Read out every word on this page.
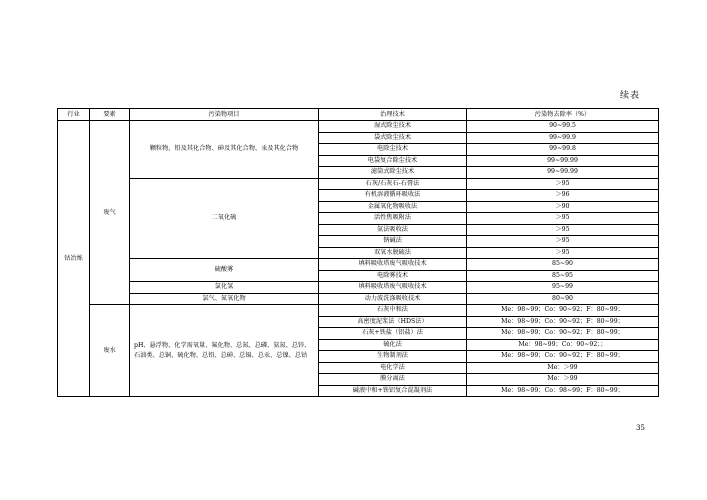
续表
行业	要素	污染物项目	治理技术	污染物去除率（%）
钴冶炼	废气	颗粒物、铅及其化合物、砷及其化合物、汞及其化合物	湿式除尘技术	90~99.5
			袋式除尘技术	99~99.9
			电除尘技术	99~99.8
			电袋复合除尘技术	99~99.99
			滤筒式除尘技术	99~99.99
		二氧化硫	石灰/石灰石-石膏法	＞95
			有机溶液循环吸收法	＞96
			金属氧化物吸收法	＞90
			活性焦吸附法	＞95
			氨法吸收法	＞95
			钠碱法	＞95
			双氧水脱硫法	＞95
		硫酸雾	填料吸收塔废气吸收技术	85~90
			电除雾技术	85~95
		氯化氢	填料吸收塔废气吸收技术	95~99
		氯气、氮氧化物	动力波洗涤吸收技术	80~90
	废水	pH、悬浮物、化学需氧量、氟化物、总氮、总磷、氨氮、总锌、石油类、总铜、硫化物、总铅、总砷、总镉、总汞、总镍、总钴	石灰中和法	Me：98~99；Co：90~92；F：80~99；
			高密度泥浆法（HDS法）	Me：98~99；Co：90~92；F：80~99；
			石灰+铁盐（铝盐）法	Me：98~99；Co：90~92；F：80~99；
			硫化法	Me：98~99；Co：90~92；；
			生物制剂法	Me：98~99；Co：90~92；F：80~99；
			电化学法	Me：＞99
			膜分离法	Me：＞99
			碱液中和+铁铝复合混凝剂法	Me：98~99；Co：98~99；F：80~99；
35
